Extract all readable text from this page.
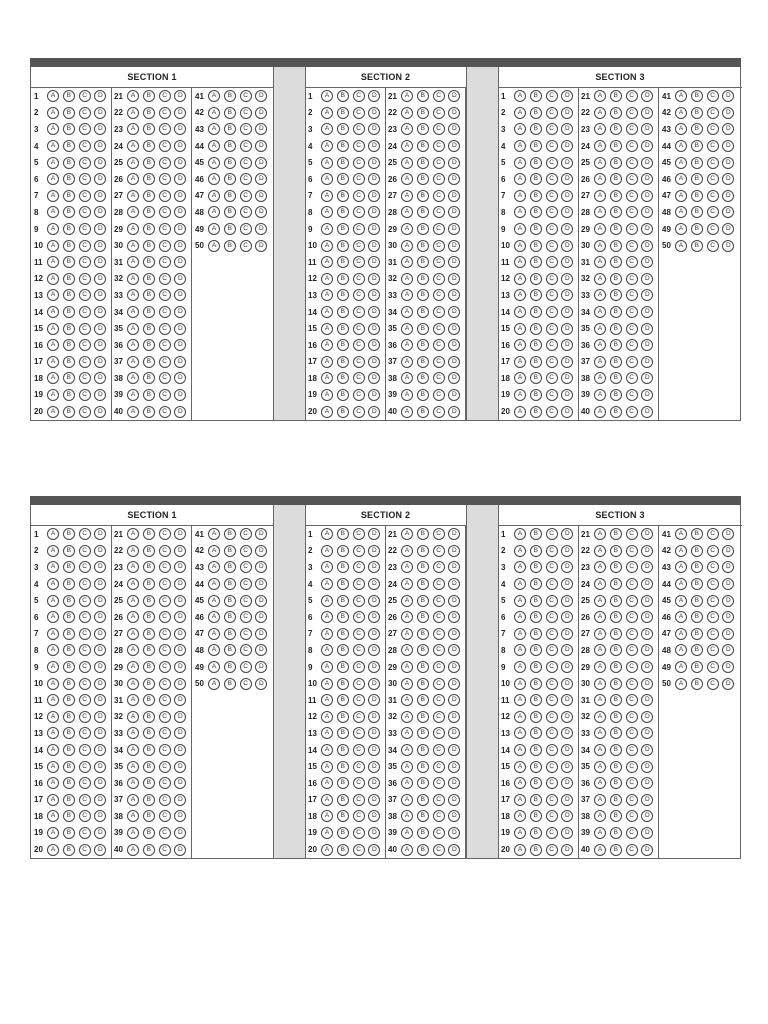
SECTION 1
1	A	B	C	D
2	A	B	C	D
3	A	B	C	D
4	A	B	C	D
5	A	B	C	D
6	A	B	C	D
7	A	B	C	D
8	A	B	C	D
9	A	B	C	D
10	A	B	C	D
11	A	B	C	D
12	A	B	C	D
13	A	B	C	D
14	A	B	C	D
15	A	B	C	D
16	A	B	C	D
17	A	B	C	D
18	A	B	C	D
19	A	B	C	D
20	A	B	C	D
21	A	B	C	D
22	A	B	C	D
23	A	B	C	D
24	A	B	C	D
25	A	B	C	D
26	A	B	C	D
27	A	B	C	D
28	A	B	C	D
29	A	B	C	D
30	A	B	C	D
31	A	B	C	D
32	A	B	C	D
33	A	B	C	D
34	A	B	C	D
35	A	B	C	D
36	A	B	C	D
37	A	B	C	D
38	A	B	C	D
39	A	B	C	D
40	A	B	C	D
41	A	B	C	D
42	A	B	C	D
43	A	B	C	D
44	A	B	C	D
45	A	B	C	D
46	A	B	C	D
47	A	B	C	D
48	A	B	C	D
49	A	B	C	D
50	A	B	C	D
SECTION 2
1	A	B	C	D
2	A	B	C	D
3	A	B	C	D
4	A	B	C	D
5	A	B	C	D
6	A	B	C	D
7	A	B	C	D
8	A	B	C	D
9	A	B	C	D
10	A	B	C	D
11	A	B	C	D
12	A	B	C	D
13	A	B	C	D
14	A	B	C	D
15	A	B	C	D
16	A	B	C	D
17	A	B	C	D
18	A	B	C	D
19	A	B	C	D
20	A	B	C	D
21	A	B	C	D
22	A	B	C	D
23	A	B	C	D
24	A	B	C	D
25	A	B	C	D
26	A	B	C	D
27	A	B	C	D
28	A	B	C	D
29	A	B	C	D
30	A	B	C	D
31	A	B	C	D
32	A	B	C	D
33	A	B	C	D
34	A	B	C	D
35	A	B	C	D
36	A	B	C	D
37	A	B	C	D
38	A	B	C	D
39	A	B	C	D
40	A	B	C	D
SECTION 3
1	A	B	C	D
2	A	B	C	D
3	A	B	C	D
4	A	B	C	D
5	A	B	C	D
6	A	B	C	D
7	A	B	C	D
8	A	B	C	D
9	A	B	C	D
10	A	B	C	D
11	A	B	C	D
12	A	B	C	D
13	A	B	C	D
14	A	B	C	D
15	A	B	C	D
16	A	B	C	D
17	A	B	C	D
18	A	B	C	D
19	A	B	C	D
20	A	B	C	D
21	A	B	C	D
22	A	B	C	D
23	A	B	C	D
24	A	B	C	D
25	A	B	C	D
26	A	B	C	D
27	A	B	C	D
28	A	B	C	D
29	A	B	C	D
30	A	B	C	D
31	A	B	C	D
32	A	B	C	D
33	A	B	C	D
34	A	B	C	D
35	A	B	C	D
36	A	B	C	D
37	A	B	C	D
38	A	B	C	D
39	A	B	C	D
40	A	B	C	D
41	A	B	C	D
42	A	B	C	D
43	A	B	C	D
44	A	B	C	D
45	A	B	C	D
46	A	B	C	D
47	A	B	C	D
48	A	B	C	D
49	A	B	C	D
50	A	B	C	D
SECTION 1
1	A	B	C	D
2	A	B	C	D
3	A	B	C	D
4	A	B	C	D
5	A	B	C	D
6	A	B	C	D
7	A	B	C	D
8	A	B	C	D
9	A	B	C	D
10	A	B	C	D
11	A	B	C	D
12	A	B	C	D
13	A	B	C	D
14	A	B	C	D
15	A	B	C	D
16	A	B	C	D
17	A	B	C	D
18	A	B	C	D
19	A	B	C	D
20	A	B	C	D
21	A	B	C	D
22	A	B	C	D
23	A	B	C	D
24	A	B	C	D
25	A	B	C	D
26	A	B	C	D
27	A	B	C	D
28	A	B	C	D
29	A	B	C	D
30	A	B	C	D
31	A	B	C	D
32	A	B	C	D
33	A	B	C	D
34	A	B	C	D
35	A	B	C	D
36	A	B	C	D
37	A	B	C	D
38	A	B	C	D
39	A	B	C	D
40	A	B	C	D
41	A	B	C	D
42	A	B	C	D
43	A	B	C	D
44	A	B	C	D
45	A	B	C	D
46	A	B	C	D
47	A	B	C	D
48	A	B	C	D
49	A	B	C	D
50	A	B	C	D
SECTION 2
1	A	B	C	D
2	A	B	C	D
3	A	B	C	D
4	A	B	C	D
5	A	B	C	D
6	A	B	C	D
7	A	B	C	D
8	A	B	C	D
9	A	B	C	D
10	A	B	C	D
11	A	B	C	D
12	A	B	C	D
13	A	B	C	D
14	A	B	C	D
15	A	B	C	D
16	A	B	C	D
17	A	B	C	D
18	A	B	C	D
19	A	B	C	D
20	A	B	C	D
21	A	B	C	D
22	A	B	C	D
23	A	B	C	D
24	A	B	C	D
25	A	B	C	D
26	A	B	C	D
27	A	B	C	D
28	A	B	C	D
29	A	B	C	D
30	A	B	C	D
31	A	B	C	D
32	A	B	C	D
33	A	B	C	D
34	A	B	C	D
35	A	B	C	D
36	A	B	C	D
37	A	B	C	D
38	A	B	C	D
39	A	B	C	D
40	A	B	C	D
SECTION 3
1	A	B	C	D
2	A	B	C	D
3	A	B	C	D
4	A	B	C	D
5	A	B	C	D
6	A	B	C	D
7	A	B	C	D
8	A	B	C	D
9	A	B	C	D
10	A	B	C	D
11	A	B	C	D
12	A	B	C	D
13	A	B	C	D
14	A	B	C	D
15	A	B	C	D
16	A	B	C	D
17	A	B	C	D
18	A	B	C	D
19	A	B	C	D
20	A	B	C	D
21	A	B	C	D
22	A	B	C	D
23	A	B	C	D
24	A	B	C	D
25	A	B	C	D
26	A	B	C	D
27	A	B	C	D
28	A	B	C	D
29	A	B	C	D
30	A	B	C	D
31	A	B	C	D
32	A	B	C	D
33	A	B	C	D
34	A	B	C	D
35	A	B	C	D
36	A	B	C	D
37	A	B	C	D
38	A	B	C	D
39	A	B	C	D
40	A	B	C	D
41	A	B	C	D
42	A	B	C	D
43	A	B	C	D
44	A	B	C	D
45	A	B	C	D
46	A	B	C	D
47	A	B	C	D
48	A	B	C	D
49	A	B	C	D
50	A	B	C	D
